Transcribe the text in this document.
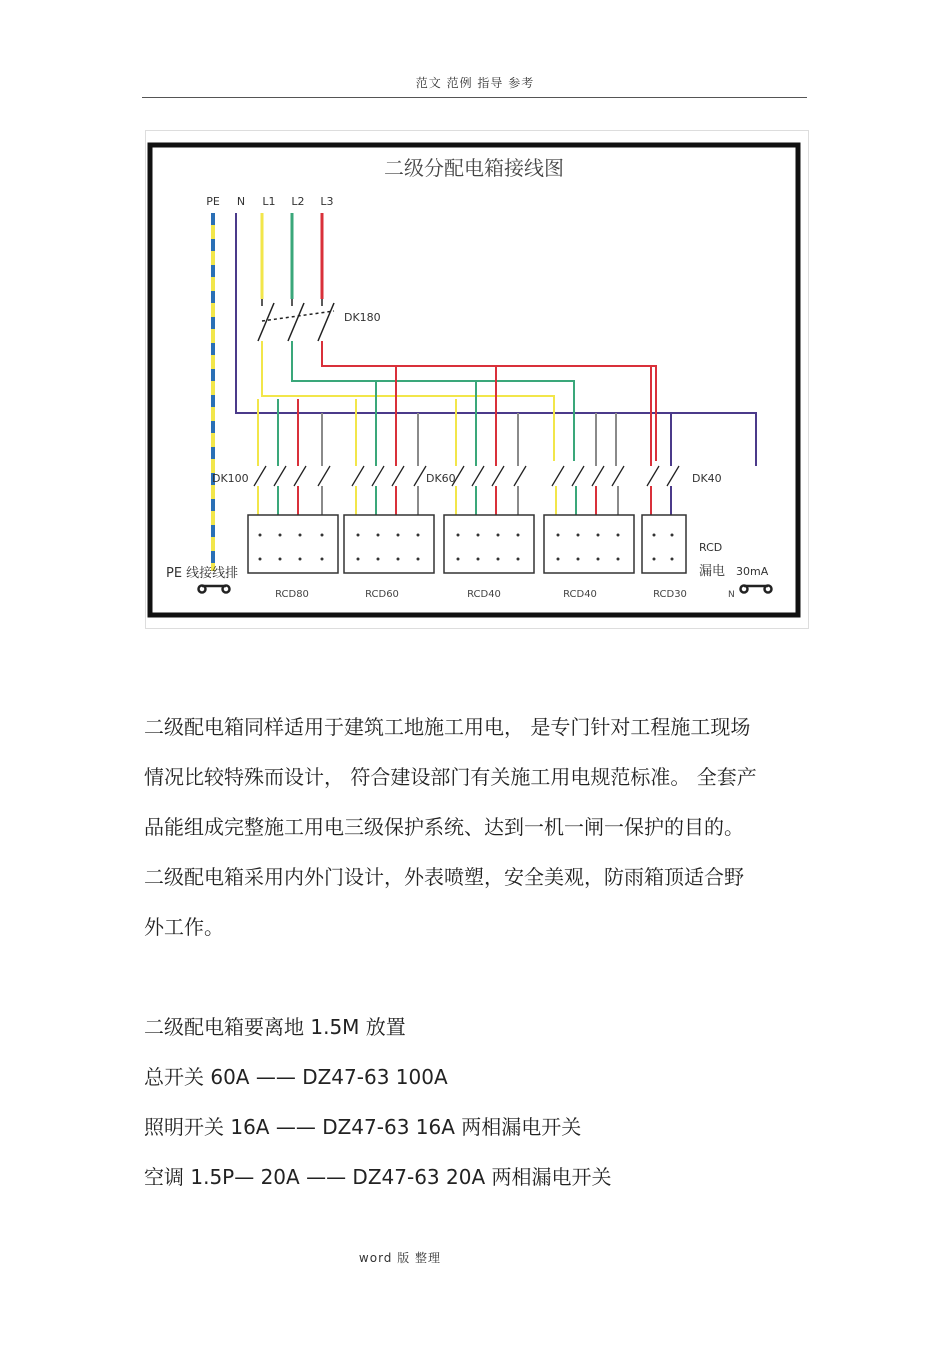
范文 范例 指导 参考
二级分配电箱接线图
PE N L1 L2 L3
DK180
DK100	DK60	DK40
RCD80	RCD60	RCD40	RCD40	RCD30
PE 线接线排
RCD
漏电 30mA
N
二级配电箱同样适用于建筑工地施工用电， 是专门针对工程施工现场
情况比较特殊而设计， 符合建设部门有关施工用电规范标准。 全套产
品能组成完整施工用电三级保护系统、达到一机一闸一保护的目的。
二级配电箱采用内外门设计，外表喷塑，安全美观，防雨箱顶适合野
外工作。
二级配电箱要离地 1.5M 放置
总开关 60A —— DZ47-63 100A
照明开关 16A —— DZ47-63 16A 两相漏电开关
空调 1.5P— 20A —— DZ47-63 20A 两相漏电开关
word 版 整理
